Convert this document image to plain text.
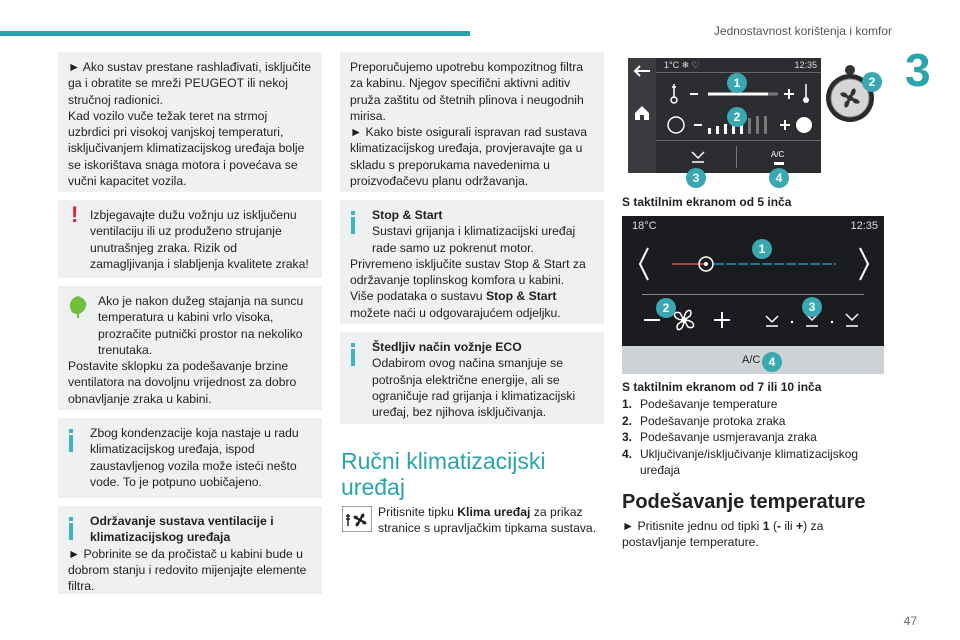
Jednostavnost korištenja i komfor
3
47

► Ako sustav prestane rashlađivati, isključite ga i obratite se mreži PEUGEOT ili nekoj stručnoj radionici.

Kad vozilo vuče težak teret na strmoj uzbrdici pri visokoj vanjskoj temperaturi, isključivanjem klimatizacijskog uređaja bolje se iskorištava snaga motora i povećava se vučni kapacitet vozila.

! Izbjegavajte dužu vožnju uz isključenu ventilaciju ili uz produženo strujanje unutrašnjeg zraka. Rizik od zamagljivanja i slabljenja kvalitete zraka!

Ako je nakon dužeg stajanja na suncu temperatura u kabini vrlo visoka, prozračite putnički prostor na nekoliko trenutaka.

Postavite sklopku za podešavanje brzine ventilatora na dovoljnu vrijednost za dobro obnavljanje zraka u kabini.

Zbog kondenzacije koja nastaje u radu klimatizacijskog uređaja, ispod zaustavljenog vozila može isteći nešto vode. To je potpuno uobičajeno.

Održavanje sustava ventilacije i klimatizacijskog uređaja

► Pobrinite se da pročistač u kabini bude u dobrom stanju i redovito mijenjajte elemente filtra.

Preporučujemo upotrebu kompozitnog filtra za kabinu. Njegov specifični aktivni aditiv pruža zaštitu od štetnih plinova i neugodnih mirisa.

► Kako biste osigurali ispravan rad sustava klimatizacijskog uređaja, provjeravajte ga u skladu s preporukama navedenima u proizvođačevu planu održavanja.

Stop & Start

Sustavi grijanja i klimatizacijski uređaj rade samo uz pokrenut motor.

Privremeno isključite sustav Stop & Start za održavanje toplinskog komfora u kabini.

Više podataka o sustavu Stop & Start možete naći u odgovarajućem odjeljku.

Štedljiv način vožnje ECO

Odabirom ovog načina smanjuje se potrošnja električne energije, ali se ograničuje rad grijanja i klimatizacijski uređaj, bez njihova isključivanja.

Ručni klimatizacijski uređaj
Pritisnite tipku Klima uređaj za prikaz stranice s upravljačkim tipkama sustava.
1°C ❄ ♡	12:35
A/C
1	2
2
3	4
S taktilnim ekranom od 5 inča
18°C	12:35
A/C
1
2	3
4
S taktilnim ekranom od 7 ili 10 inča
1. Podešavanje temperature
2. Podešavanje protoka zraka
3. Podešavanje usmjeravanja zraka
4. Uključivanje/isključivanje klimatizacijskog uređaja
Podešavanje temperature
► Pritisnite jednu od tipki 1 (- ili +) za postavljanje temperature.
